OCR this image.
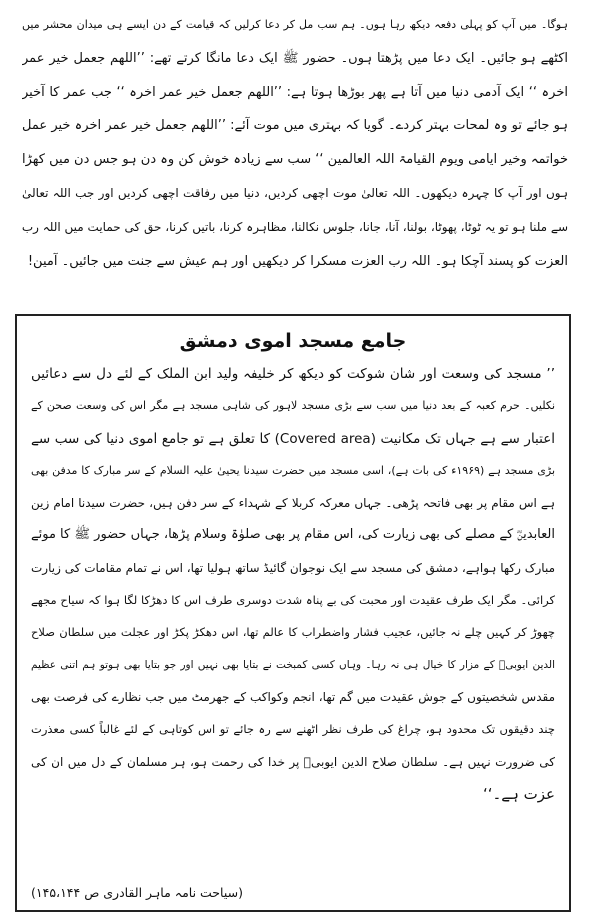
ہوگا۔ میں آپ کو پہلی دفعہ دیکھ رہا ہوں۔ ہم سب مل کر دعا کرلیں کہ قیامت کے دن ایسے ہی میدان محشر میں
اکٹھے ہو جائیں۔ ایک دعا میں پڑھتا ہوں۔ حضور ﷺ ایک دعا مانگا کرتے تھے: ’’اللھم جعمل خیر عمر
اخرہ ‘‘ ایک آدمی دنیا میں آتا ہے پھر بوڑھا ہوتا ہے: ’’اللھم جعمل خیر عمر اخرہ ‘‘ جب عمر کا آخیر
ہو جائے تو وہ لمحات بہتر کردے۔ گویا کہ بہتری میں موت آئے: ’’اللھم جعمل خیر عمر اخرہ خیر عمل
خواتمہ وخیر ایامی ویوم القیامۃ اللہ العالمین ‘‘ سب سے زیادہ خوش کن وہ دن ہو جس دن میں کھڑا
ہوں اور آپ کا چہرہ دیکھوں۔ اللہ تعالیٰ موت اچھی کردیں، دنیا میں رفاقت اچھی کردیں اور جب اللہ تعالیٰ
سے ملنا ہو تو یہ ٹوٹا، پھوٹا، بولنا، آنا، جانا، جلوس نکالنا، مظاہرہ کرنا، باتیں کرنا، حق کی حمایت میں اللہ رب
العزت کو پسند آچکا ہو۔ اللہ رب العزت مسکرا کر دیکھیں اور ہم عیش سے جنت میں جائیں۔ آمین!
جامع مسجد اموی دمشق
’’ مسجد کی وسعت اور شان شوکت کو دیکھ کر خلیفہ ولید ابن الملک کے لئے دل سے دعائیں
نکلیں۔ حرم کعبہ کے بعد دنیا میں سب سے بڑی مسجد لاہور کی شاہی مسجد ہے مگر اس کی وسعت صحن کے
اعتبار سے ہے جہاں تک مکانیت (Covered area) کا تعلق ہے تو جامع اموی دنیا کی سب سے
بڑی مسجد ہے (۱۹۶۹ء کی بات ہے)، اسی مسجد میں حضرت سیدنا یحییٰ علیہ السلام کے سر مبارک کا مدفن بھی
ہے اس مقام پر بھی فاتحہ پڑھی۔ جہاں معرکہ کربلا کے شہداء کے سر دفن ہیں، حضرت سیدنا امام زین
العابدینؓ کے مصلے کی بھی زیارت کی، اس مقام پر بھی صلوٰۃ وسلام پڑھا، جہاں حضور ﷺ کا موئے
مبارک رکھا ہواہے، دمشق کی مسجد سے ایک نوجوان گائیڈ ساتھ ہولیا تھا، اس نے تمام مقامات کی زیارت
کرائی۔ مگر ایک طرف عقیدت اور محبت کی بے پناہ شدت دوسری طرف اس کا دھڑکا لگا ہوا کہ سیاح مجھے
چھوڑ کر کہیں چلے نہ جائیں، عجیب فشار واضطراب کا عالم تھا، اس دھکڑ پکڑ اور عجلت میں سلطان صلاح
الدین ایوبیؒ کے مزار کا خیال ہی نہ رہا۔ وہاں کسی کمبخت نے بتایا بھی نہیں اور جو بتایا بھی ہوتو ہم اتنی عظیم
مقدس شخصیتوں کے جوش عقیدت میں گم تھا، انجم وکواکب کے جھرمٹ میں جب نظارے کی فرصت بھی
چند دقیقوں تک محدود ہو، چراغ کی طرف نظر اٹھنے سے رہ جائے تو اس کوتاہی کے لئے غالباً کسی معذرت
کی ضرورت نہیں ہے۔ سلطان صلاح الدین ایوبیؒ پر خدا کی رحمت ہو، ہر مسلمان کے دل میں ان کی
عزت ہے۔‘‘
(سیاحت نامہ ماہر القادری ص ۱۴۵،۱۴۴)
